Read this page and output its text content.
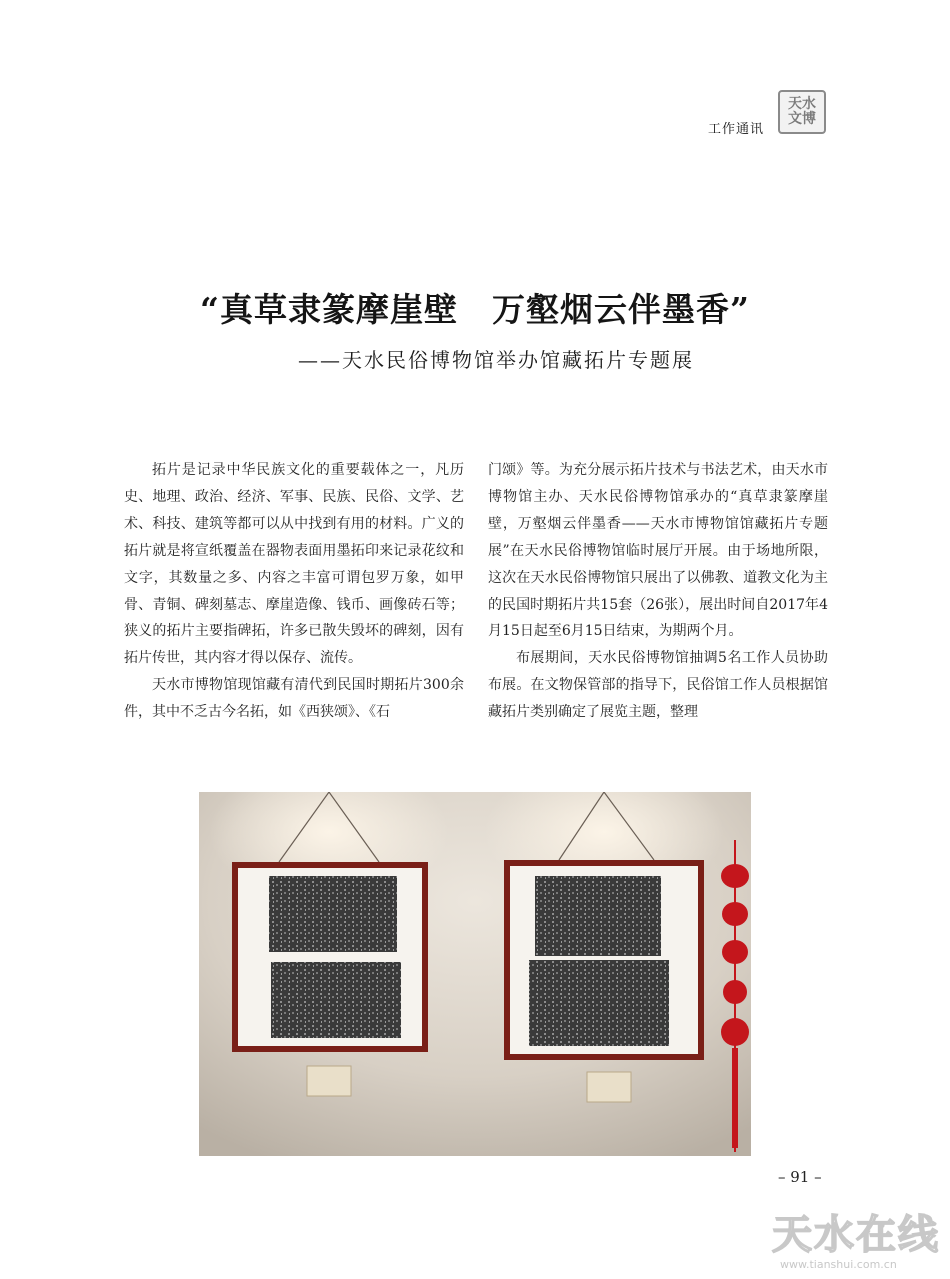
工作通讯
天水文博
“真草隶篆摩崖壁　万壑烟云伴墨香”
——天水民俗博物馆举办馆藏拓片专题展

拓片是记录中华民族文化的重要载体之一，凡历史、地理、政治、经济、军事、民族、民俗、文学、艺术、科技、建筑等都可以从中找到有用的材料。广义的拓片就是将宣纸覆盖在器物表面用墨拓印来记录花纹和文字，其数量之多、内容之丰富可谓包罗万象，如甲骨、青铜、碑刻墓志、摩崖造像、钱币、画像砖石等；狭义的拓片主要指碑拓，许多已散失毁坏的碑刻，因有拓片传世，其内容才得以保存、流传。

天水市博物馆现馆藏有清代到民国时期拓片300余件，其中不乏古今名拓，如《西狭颂》、《石

门颂》等。为充分展示拓片技术与书法艺术，由天水市博物馆主办、天水民俗博物馆承办的“真草隶篆摩崖壁，万壑烟云伴墨香——天水市博物馆馆藏拓片专题展”在天水民俗博物馆临时展厅开展。由于场地所限，这次在天水民俗博物馆只展出了以佛教、道教文化为主的民国时期拓片共15套（26张），展出时间自2017年4月15日起至6月15日结束，为期两个月。

布展期间，天水民俗博物馆抽调5名工作人员协助布展。在文物保管部的指导下，民俗馆工作人员根据馆藏拓片类别确定了展览主题，整理

– 91 –
天水在线
www.tianshui.com.cn
